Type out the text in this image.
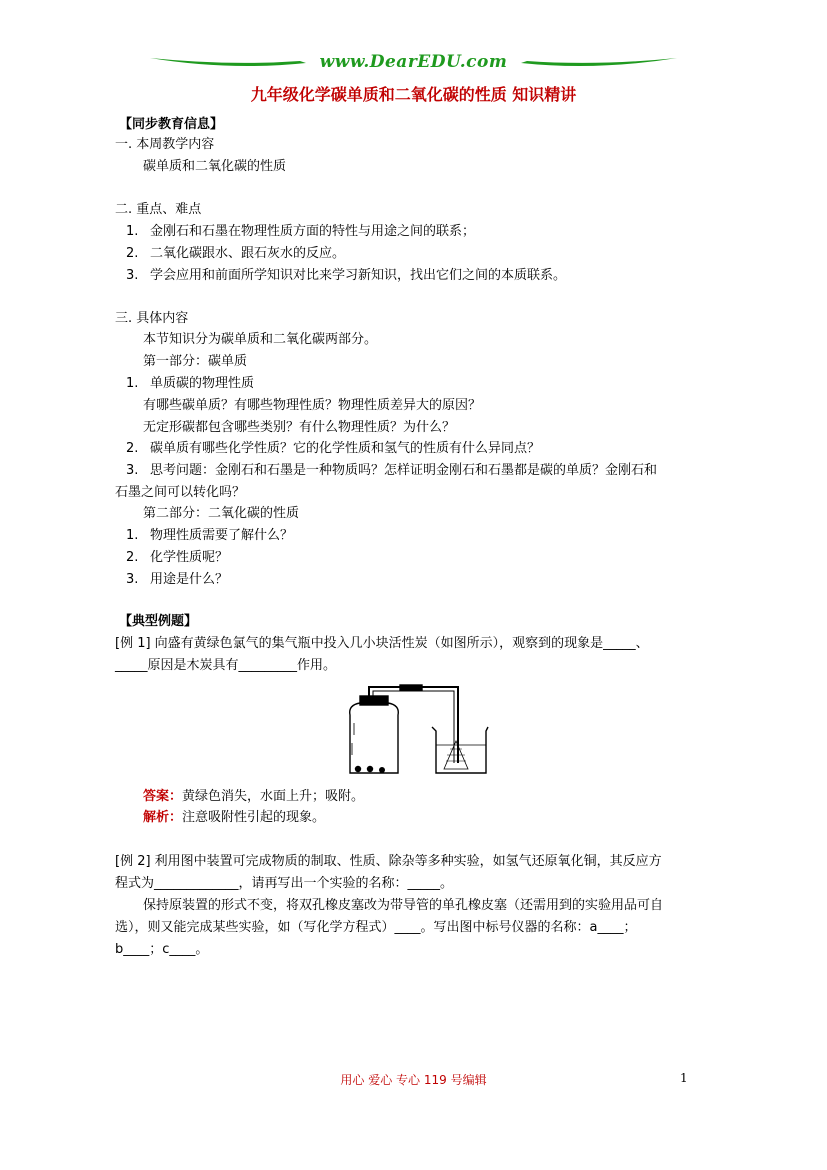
www.DearEDU.com
九年级化学碳单质和二氧化碳的性质 知识精讲
【同步教育信息】
一. 本周教学内容
碳单质和二氧化碳的性质
二. 重点、难点
1. 金刚石和石墨在物理性质方面的特性与用途之间的联系；
2. 二氧化碳跟水、跟石灰水的反应。
3. 学会应用和前面所学知识对比来学习新知识，找出它们之间的本质联系。
三. 具体内容
本节知识分为碳单质和二氧化碳两部分。
第一部分：碳单质
1. 单质碳的物理性质
有哪些碳单质？有哪些物理性质？物理性质差异大的原因？
无定形碳都包含哪些类别？有什么物理性质？为什么？
2. 碳单质有哪些化学性质？它的化学性质和氢气的性质有什么异同点？
3. 思考问题：金刚石和石墨是一种物质吗？怎样证明金刚石和石墨都是碳的单质？金刚石和
石墨之间可以转化吗？
第二部分：二氧化碳的性质
1. 物理性质需要了解什么？
2. 化学性质呢？
3. 用途是什么？
【典型例题】
[例 1] 向盛有黄绿色氯气的集气瓶中投入几小块活性炭（如图所示），观察到的现象是_____、
_____原因是木炭具有_________作用。
答案：黄绿色消失，水面上升；吸附。
解析：注意吸附性引起的现象。
[例 2] 利用图中装置可完成物质的制取、性质、除杂等多种实验，如氢气还原氧化铜，其反应方
程式为_____________，请再写出一个实验的名称：_____。
保持原装置的形式不变，将双孔橡皮塞改为带导管的单孔橡皮塞（还需用到的实验用品可自
选），则又能完成某些实验，如（写化学方程式）____。写出图中标号仪器的名称：a____；
b____；c____。
用心 爱心 专心 119 号编辑	1
